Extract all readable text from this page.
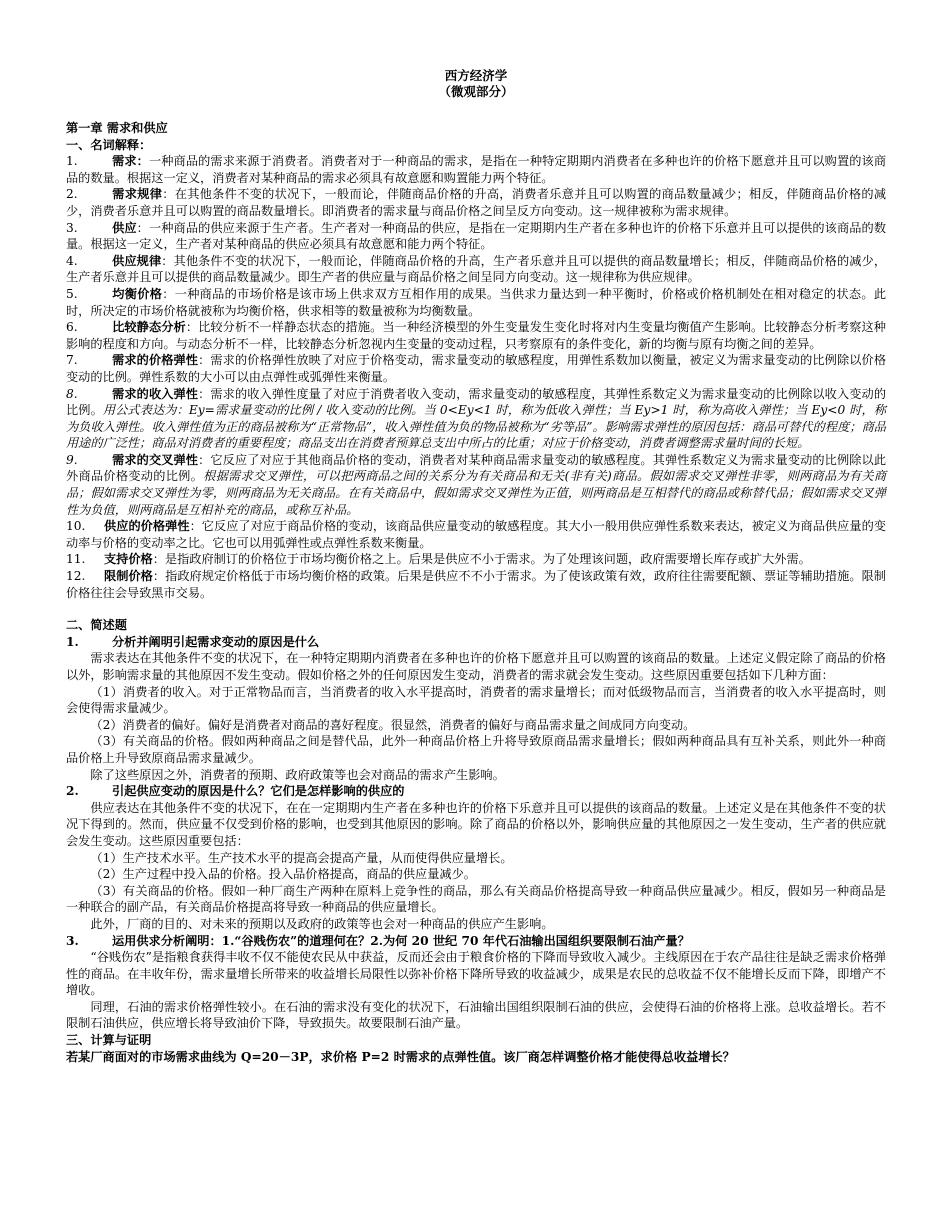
西方经济学
（微观部分）
第一章 需求和供应
一、名词解释：

1.	需求：一种商品的需求来源于消费者。消费者对于一种商品的需求，是指在一种特定期期内消费者在多种也许的价格下愿意并且可以购置的该商品的数量。根据这一定义，消费者对某种商品的需求必须具有故意愿和购置能力两个特征。

2.	需求规律：在其他条件不变的状况下，一般而论，伴随商品价格的升高，消费者乐意并且可以购置的商品数量减少；相反，伴随商品价格的减少，消费者乐意并且可以购置的商品数量增长。即消费者的需求量与商品价格之间呈反方向变动。这一规律被称为需求规律。

3.	供应：一种商品的供应来源于生产者。生产者对一种商品的供应，是指在一定期期内生产者在多种也许的价格下乐意并且可以提供的该商品的数量。根据这一定义，生产者对某种商品的供应必须具有故意愿和能力两个特征。

4.	供应规律：其他条件不变的状况下，一般而论，伴随商品价格的升高，生产者乐意并且可以提供的商品数量增长；相反，伴随商品价格的减少，生产者乐意并且可以提供的商品数量减少。即生产者的供应量与商品价格之间呈同方向变动。这一规律称为供应规律。

5.	均衡价格：一种商品的市场价格是该市场上供求双方互相作用的成果。当供求力量达到一种平衡时，价格或价格机制处在相对稳定的状态。此时，所决定的市场价格就被称为均衡价格，供求相等的数量被称为均衡数量。

6.	比较静态分析：比较分析不一样静态状态的措施。当一种经济模型的外生变量发生变化时将对内生变量均衡值产生影响。比较静态分析考察这种影响的程度和方向。与动态分析不一样，比较静态分析忽视内生变量的变动过程，只考察原有的条件变化，新的均衡与原有均衡之间的差异。

7.	需求的价格弹性：需求的价格弹性放映了对应于价格变动，需求量变动的敏感程度，用弹性系数加以衡量，被定义为需求量变动的比例除以价格变动的比例。弹性系数的大小可以由点弹性或弧弹性来衡量。

8.	需求的收入弹性：需求的收入弹性度量了对应于消费者收入变动，需求量变动的敏感程度，其弹性系数定义为需求量变动的比例除以收入变动的比例。用公式表达为：Ey=需求量变动的比例 / 收入变动的比例。当 0<Ey<1 时，称为低收入弹性；当 Ey>1 时，称为高收入弹性；当 Ey<0 时，称为负收入弹性。收入弹性值为正的商品被称为“正常物品”，收入弹性值为负的物品被称为“劣等品”。影响需求弹性的原因包括：商品可替代的程度；商品用途的广泛性；商品对消费者的重要程度；商品支出在消费者预算总支出中所占的比重；对应于价格变动，消费者调整需求量时间的长短。

9.	需求的交叉弹性：它反应了对应于其他商品价格的变动，消费者对某种商品需求量变动的敏感程度。其弹性系数定义为需求量变动的比例除以此外商品价格变动的比例。根据需求交叉弹性，可以把两商品之间的关系分为有关商品和无关(非有关)商品。假如需求交叉弹性非零，则两商品为有关商品；假如需求交叉弹性为零，则两商品为无关商品。在有关商品中，假如需求交叉弹性为正值，则两商品是互相替代的商品或称替代品；假如需求交叉弹性为负值，则两商品是互相补充的商品，或称互补品。

10. 供应的价格弹性：它反应了对应于商品价格的变动，该商品供应量变动的敏感程度。其大小一般用供应弹性系数来表达，被定义为商品供应量的变动率与价格的变动率之比。它也可以用弧弹性或点弹性系数来衡量。

11. 支持价格：是指政府制订的价格位于市场均衡价格之上。后果是供应不小于需求。为了处理该问题，政府需要增长库存或扩大外需。

12. 限制价格：指政府规定价格低于市场均衡价格的政策。后果是供应不不小于需求。为了使该政策有效，政府往往需要配额、票证等辅助措施。限制价格往往会导致黑市交易。

二、简述题
1.	分析并阐明引起需求变动的原因是什么

需求表达在其他条件不变的状况下，在一种特定期期内消费者在多种也许的价格下愿意并且可以购置的该商品的数量。上述定义假定除了商品的价格以外，影响需求量的其他原因不发生变动。假如价格之外的任何原因发生变动，消费者的需求就会发生变动。这些原因重要包括如下几种方面：

（1）消费者的收入。对于正常物品而言，当消费者的收入水平提高时，消费者的需求量增长；而对低级物品而言，当消费者的收入水平提高时，则会使得需求量减少。

（2）消费者的偏好。偏好是消费者对商品的喜好程度。很显然，消费者的偏好与商品需求量之间成同方向变动。

（3）有关商品的价格。假如两种商品之间是替代品，此外一种商品价格上升将导致原商品需求量增长；假如两种商品具有互补关系，则此外一种商品价格上升导致原商品需求量减少。

除了这些原因之外，消费者的预期、政府政策等也会对商品的需求产生影响。

2.	引起供应变动的原因是什么？它们是怎样影响的供应的

供应表达在其他条件不变的状况下，在在一定期期内生产者在多种也许的价格下乐意并且可以提供的该商品的数量。上述定义是在其他条件不变的状况下得到的。然而，供应量不仅受到价格的影响，也受到其他原因的影响。除了商品的价格以外，影响供应量的其他原因之一发生变动，生产者的供应就会发生变动。这些原因重要包括：

（1）生产技术水平。生产技术水平的提高会提高产量，从而使得供应量增长。

（2）生产过程中投入品的价格。投入品价格提高，商品的供应量减少。

（3）有关商品的价格。假如一种厂商生产两种在原料上竞争性的商品，那么有关商品价格提高导致一种商品供应量减少。相反，假如另一种商品是一种联合的副产品，有关商品价格提高将导致一种商品的供应量增长。

此外，厂商的目的、对未来的预期以及政府的政策等也会对一种商品的供应产生影响。

3.	运用供求分析阐明：1.“谷贱伤农”的道理何在？2.为何 20 世纪 70 年代石油输出国组织要限制石油产量？

“谷贱伤农”是指粮食获得丰收不仅不能使农民从中获益，反而还会由于粮食价格的下降而导致收入减少。主线原因在于农产品往往是缺乏需求价格弹性的商品。在丰收年份，需求量增长所带来的收益增长局限性以弥补价格下降所导致的收益减少，成果是农民的总收益不仅不能增长反而下降，即增产不增收。

同理，石油的需求价格弹性较小。在石油的需求没有变化的状况下，石油输出国组织限制石油的供应，会使得石油的价格将上涨。总收益增长。若不限制石油供应，供应增长将导致油价下降，导致损失。故要限制石油产量。

三、计算与证明

若某厂商面对的市场需求曲线为 Q=20－3P，求价格 P=2 时需求的点弹性值。该厂商怎样调整价格才能使得总收益增长？
